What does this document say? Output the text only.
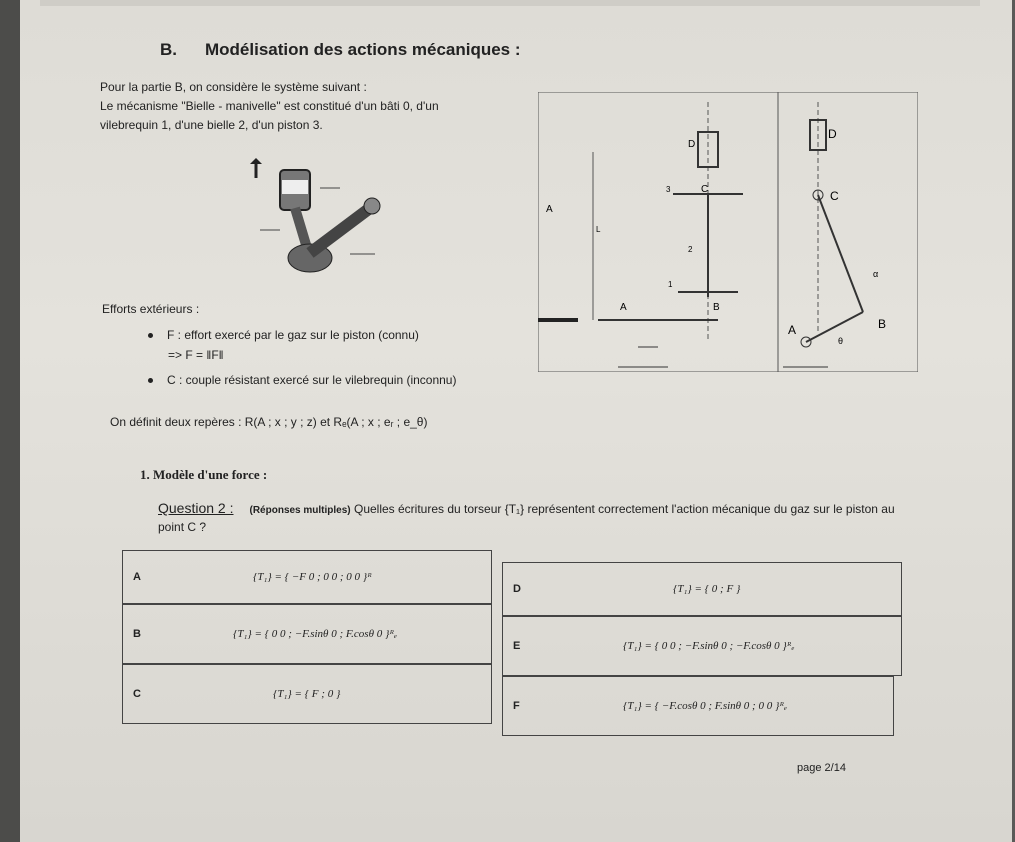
B. Modélisation des actions mécaniques :
Pour la partie B, on considère le système suivant :
Le mécanisme "Bielle - manivelle" est constitué d'un bâti 0, d'un
vilebrequin 1, d'une bielle 2, d'un piston 3.
D
C
3
2
B
1
A
A
L
D
C
A	B
θ
α
Efforts extérieurs :
F : effort exercé par le gaz sur le piston (connu)
=> F = ‖F‖
C : couple résistant exercé sur le vilebrequin (inconnu)
On définit deux repères : R(A ; x ; y ; z) et Rₑ(A ; x ; eᵣ ; e_θ)
1. Modèle d'une force :
Question 2 : (Réponses multiples) Quelles écritures du torseur {T₁} représentent correctement l'action mécanique du gaz sur le piston au point C ?
A	{T₁} = { −F 0 ; 0 0 ; 0 0 }ᴿ
B	{T₁} = { 0 0 ; −F.sinθ 0 ; F.cosθ 0 }ᴿₑ
C	{T₁} = { F ; 0 }
D	{T₁} = { 0 ; F }
E	{T₁} = { 0 0 ; −F.sinθ 0 ; −F.cosθ 0 }ᴿₑ
F	{T₁} = { −F.cosθ 0 ; F.sinθ 0 ; 0 0 }ᴿₑ
page 2/14
